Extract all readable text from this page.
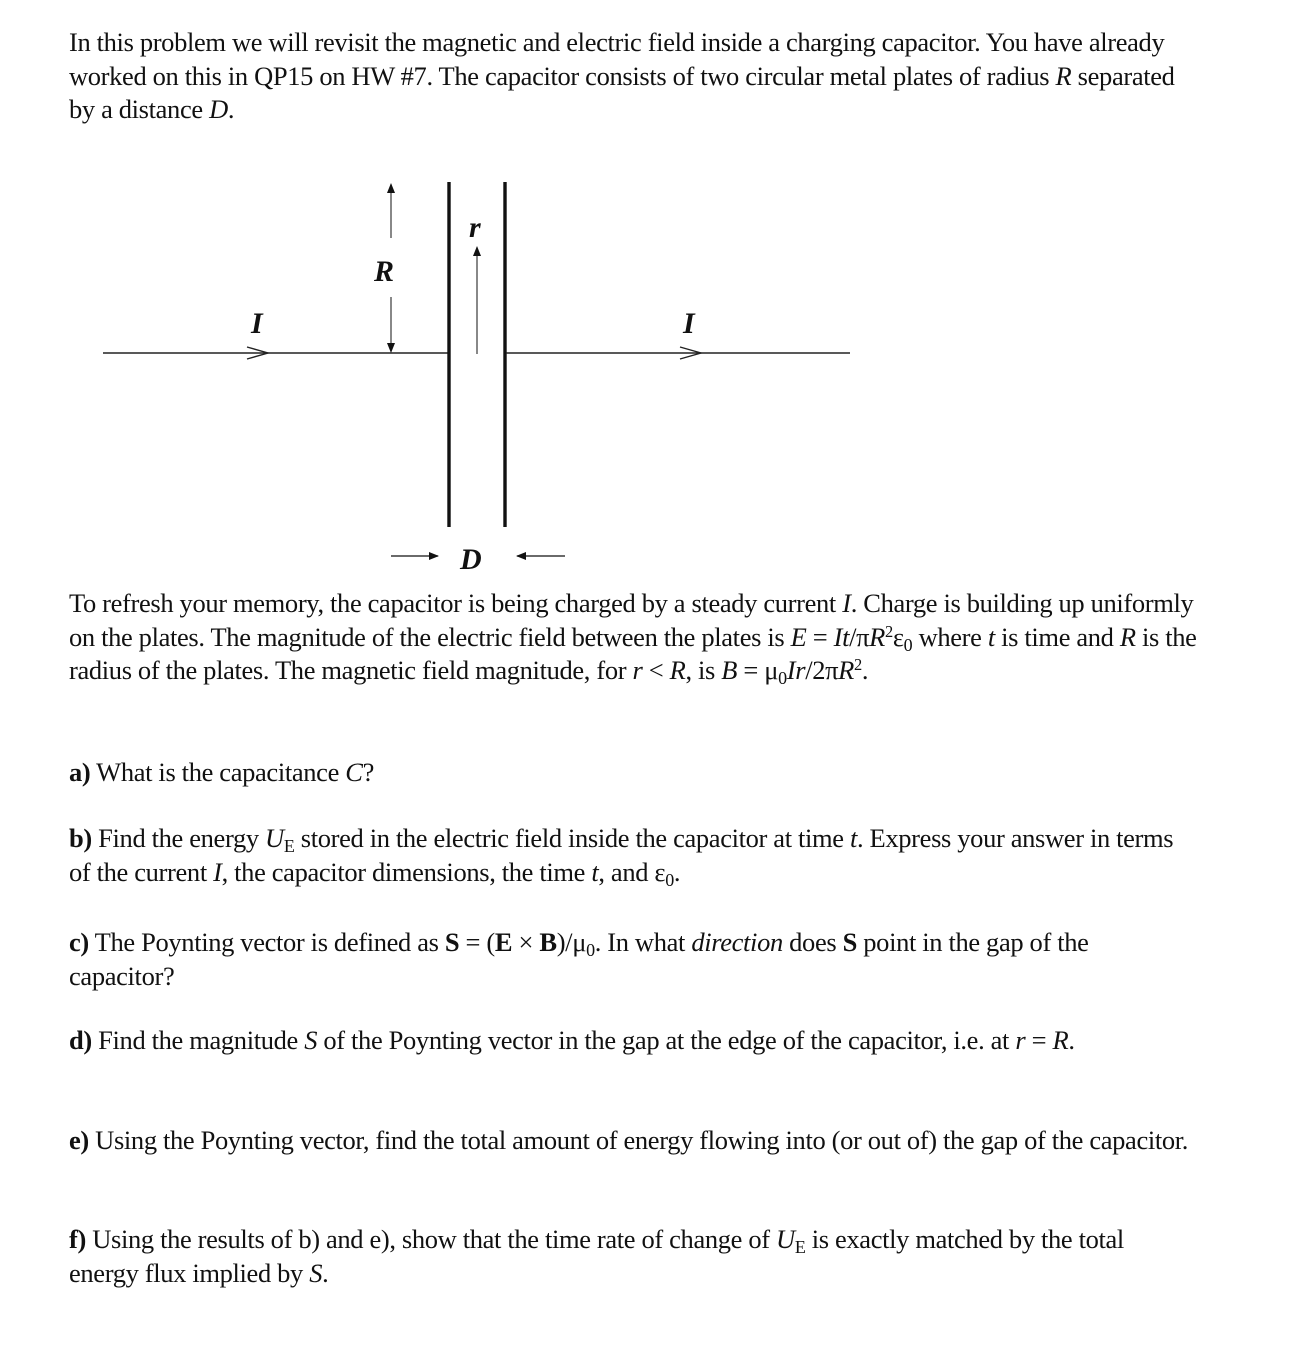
In this problem we will revisit the magnetic and electric field inside a charging capacitor. You have already worked on this in QP15 on HW #7. The capacitor consists of two circular metal plates of radius R separated by a distance D.
I
R
r
I
D
To refresh your memory, the capacitor is being charged by a steady current I. Charge is building up uniformly on the plates. The magnitude of the electric field between the plates is $E = It/\pi R^2\varepsilon_0$ where t is time and R is the radius of the plates. The magnetic field magnitude, for r < R, is $B = \mu_0Ir/2\pi R^2$.
a) What is the capacitance C?
b) Find the energy $U_E$ stored in the electric field inside the capacitor at time t. Express your answer in terms of the current I, the capacitor dimensions, the time t, and $\varepsilon_0$.
c) The Poynting vector is defined as $S = (E \times B)/\mu_0$. In what direction does S point in the gap of the capacitor?
d) Find the magnitude S of the Poynting vector in the gap at the edge of the capacitor, i.e. at r = R.
e) Using the Poynting vector, find the total amount of energy flowing into (or out of) the gap of the capacitor.
f) Using the results of b) and e), show that the time rate of change of $U_E$ is exactly matched by the total energy flux implied by S.
